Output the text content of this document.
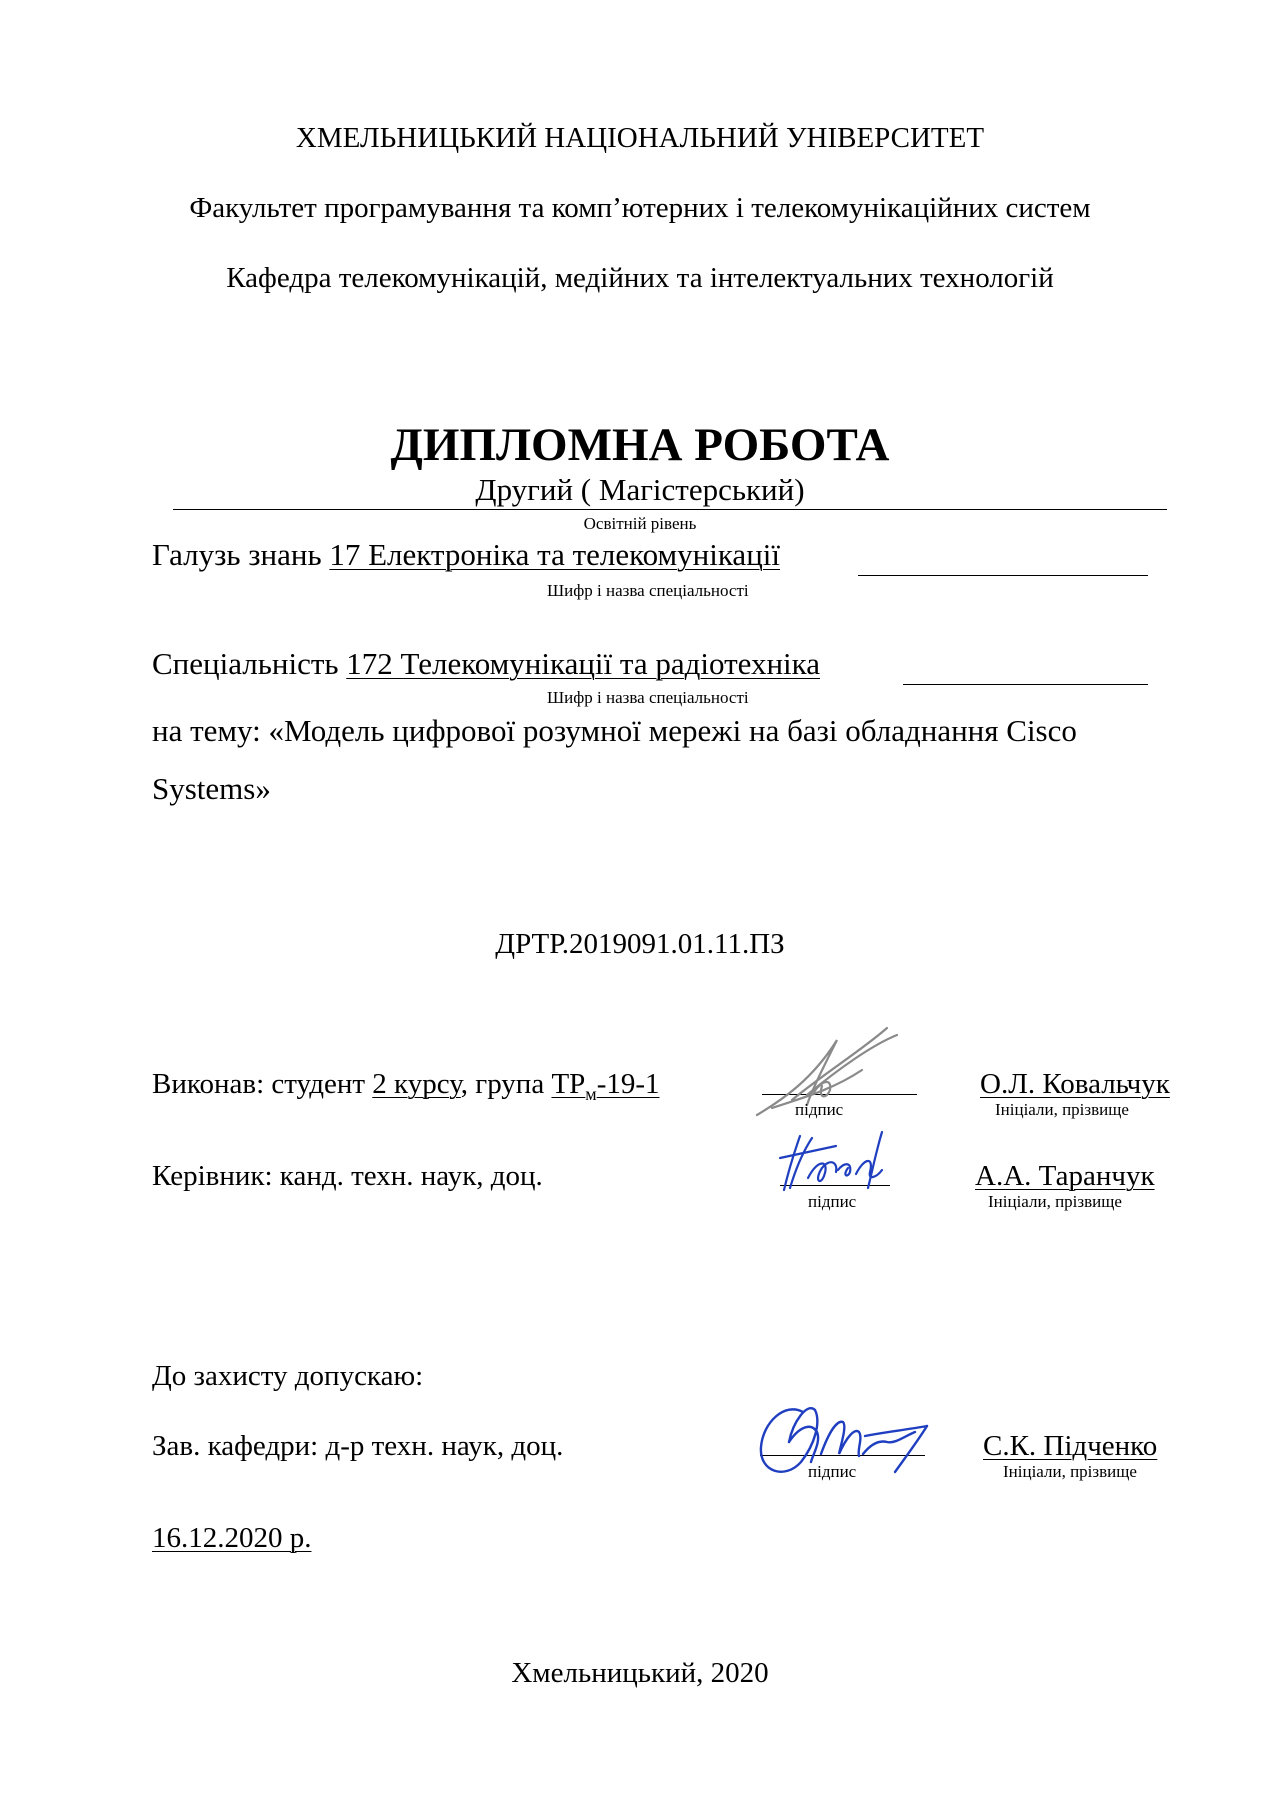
ХМЕЛЬНИЦЬКИЙ НАЦІОНАЛЬНИЙ УНІВЕРСИТЕТ
Факультет програмування та комп’ютерних і телекомунікаційних систем
Кафедра телекомунікацій, медійних та інтелектуальних технологій
ДИПЛОМНА РОБОТА
Другий ( Магістерський)
Освітній рівень
Галузь знань 17 Електроніка та телекомунікації
Шифр і назва спеціальності
Спеціальність 172 Телекомунікації та радіотехніка
Шифр і назва спеціальності
на тему: «Модель цифрової розумної мережі на базі обладнання Cisco
Systems»
ДРТР.2019091.01.11.ПЗ
Виконав: студент 2 курсу, група $ТР_м-19-1$
підпис
О.Л. Ковальчук
Ініціали, прізвище
Керівник: канд. техн. наук, доц.
підпис
А.А. Таранчук
Ініціали, прізвище
До захисту допускаю:
Зав. кафедри: д-р техн. наук, доц.
підпис
С.К. Підченко
Ініціали, прізвище
16.12.2020 р.
Хмельницький, 2020
